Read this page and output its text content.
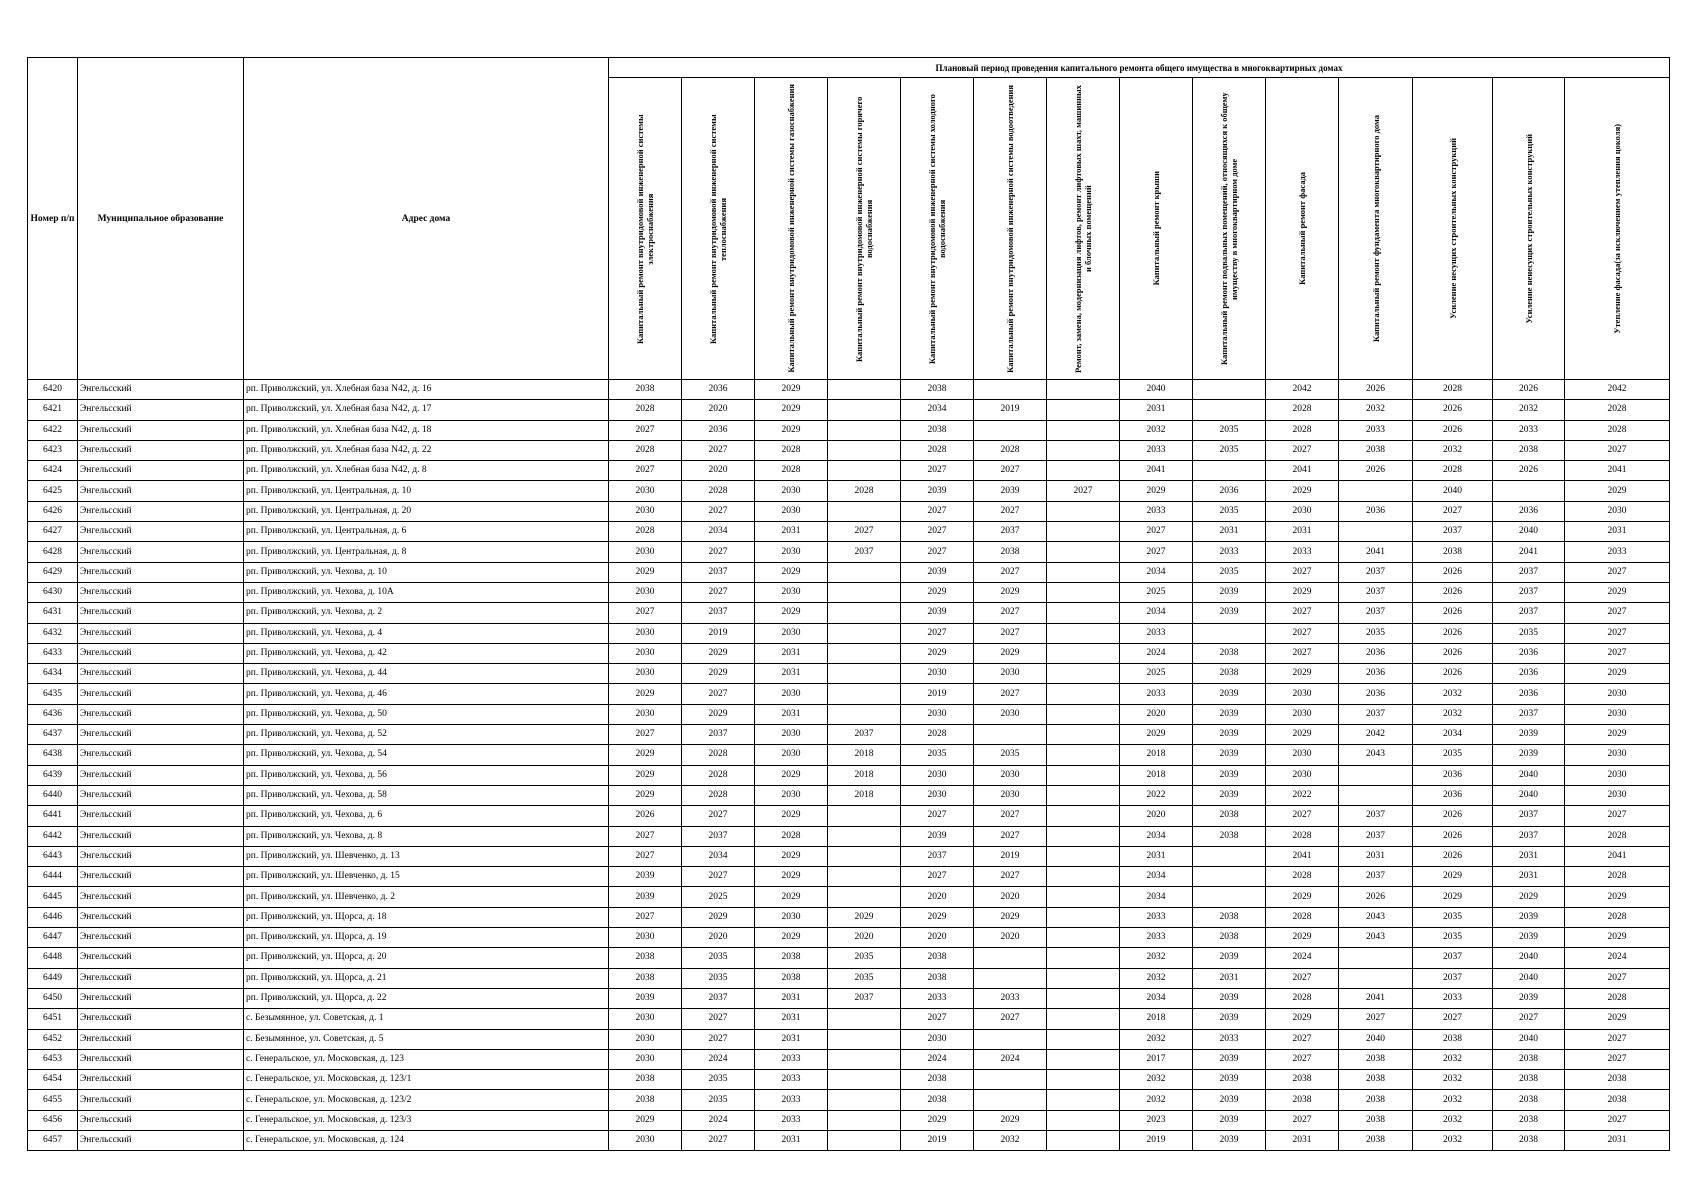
Номер п/п	Муниципальное образование	Адрес дома	Плановый период проведения капитального ремонта общего имущества в многоквартирных домах													

			Капитальный ремонт внутридомовой инженерной системы электроснабжения	Капитальный ремонт внутридомовой инженерной системы теплоснабжения	Капитальный ремонт внутридомовой инженерной системы газоснабжения	Капитальный ремонт внутридомовой инженерной системы горячего водоснабжения	Капитальный ремонт внутридомовой инженерной системы холодного водоснабжения	Капитальный ремонт внутридомовой инженерной системы водоотведения	Ремонт, замена, модернизация лифтов, ремонт лифтовых шахт, машинных и блочных помещений	Капитальный ремонт крыши	Капитальный ремонт подвальных помещений, относящихся к общему имуществу в многоквартирном доме	Капитальный ремонт фасада	Капитальный ремонт фундамента многоквартирного дома	Усиление несущих строительных конструкций	Усиление ненесущих строительных конструкций	Утепление фасада(за исключением утепления цоколя)

6420	Энгельсский	рп. Приволжский, ул. Хлебная база N42, д. 16	2038	2036	2029		2038			2040		2042	2026	2028	2026	2042
6421	Энгельсский	рп. Приволжский, ул. Хлебная база N42, д. 17	2028	2020	2029		2034	2019		2031		2028	2032	2026	2032	2028
6422	Энгельсский	рп. Приволжский, ул. Хлебная база N42, д. 18	2027	2036	2029		2038			2032	2035	2028	2033	2026	2033	2028
6423	Энгельсский	рп. Приволжский, ул. Хлебная база N42, д. 22	2028	2027	2028		2028	2028		2033	2035	2027	2038	2032	2038	2027
6424	Энгельсский	рп. Приволжский, ул. Хлебная база N42, д. 8	2027	2020	2028		2027	2027		2041		2041	2026	2028	2026	2041
6425	Энгельсский	рп. Приволжский, ул. Центральная, д. 10	2030	2028	2030	2028	2039	2039	2027	2029	2036	2029		2040		2029
6426	Энгельсский	рп. Приволжский, ул. Центральная, д. 20	2030	2027	2030		2027	2027		2033	2035	2030	2036	2027	2036	2030
6427	Энгельсский	рп. Приволжский, ул. Центральная, д. 6	2028	2034	2031	2027	2027	2037		2027	2031	2031		2037	2040	2031
6428	Энгельсский	рп. Приволжский, ул. Центральная, д. 8	2030	2027	2030	2037	2027	2038		2027	2033	2033	2041	2038	2041	2033
6429	Энгельсский	рп. Приволжский, ул. Чехова, д. 10	2029	2037	2029		2039	2027		2034	2035	2027	2037	2026	2037	2027
6430	Энгельсский	рп. Приволжский, ул. Чехова, д. 10А	2030	2027	2030		2029	2029		2025	2039	2029	2037	2026	2037	2029
6431	Энгельсский	рп. Приволжский, ул. Чехова, д. 2	2027	2037	2029		2039	2027		2034	2039	2027	2037	2026	2037	2027
6432	Энгельсский	рп. Приволжский, ул. Чехова, д. 4	2030	2019	2030		2027	2027		2033		2027	2035	2026	2035	2027
6433	Энгельсский	рп. Приволжский, ул. Чехова, д. 42	2030	2029	2031		2029	2029		2024	2038	2027	2036	2026	2036	2027
6434	Энгельсский	рп. Приволжский, ул. Чехова, д. 44	2030	2029	2031		2030	2030		2025	2038	2029	2036	2026	2036	2029
6435	Энгельсский	рп. Приволжский, ул. Чехова, д. 46	2029	2027	2030		2019	2027		2033	2039	2030	2036	2032	2036	2030
6436	Энгельсский	рп. Приволжский, ул. Чехова, д. 50	2030	2029	2031		2030	2030		2020	2039	2030	2037	2032	2037	2030
6437	Энгельсский	рп. Приволжский, ул. Чехова, д. 52	2027	2037	2030	2037	2028			2029	2039	2029	2042	2034	2039	2029
6438	Энгельсский	рп. Приволжский, ул. Чехова, д. 54	2029	2028	2030	2018	2035	2035		2018	2039	2030	2043	2035	2039	2030
6439	Энгельсский	рп. Приволжский, ул. Чехова, д. 56	2029	2028	2029	2018	2030	2030		2018	2039	2030		2036	2040	2030
6440	Энгельсский	рп. Приволжский, ул. Чехова, д. 58	2029	2028	2030	2018	2030	2030		2022	2039	2022		2036	2040	2030
6441	Энгельсский	рп. Приволжский, ул. Чехова, д. 6	2026	2027	2029		2027	2027		2020	2038	2027	2037	2026	2037	2027
6442	Энгельсский	рп. Приволжский, ул. Чехова, д. 8	2027	2037	2028		2039	2027		2034	2038	2028	2037	2026	2037	2028
6443	Энгельсский	рп. Приволжский, ул. Шевченко, д. 13	2027	2034	2029		2037	2019		2031		2041	2031	2026	2031	2041
6444	Энгельсский	рп. Приволжский, ул. Шевченко, д. 15	2039	2027	2029		2027	2027		2034		2028	2037	2029	2031	2028
6445	Энгельсский	рп. Приволжский, ул. Шевченко, д. 2	2039	2025	2029		2020	2020		2034		2029	2026	2029	2029	2029
6446	Энгельсский	рп. Приволжский, ул. Щорса, д. 18	2027	2029	2030	2029	2029	2029		2033	2038	2028	2043	2035	2039	2028
6447	Энгельсский	рп. Приволжский, ул. Щорса, д. 19	2030	2020	2029	2020	2020	2020		2033	2038	2029	2043	2035	2039	2029
6448	Энгельсский	рп. Приволжский, ул. Щорса, д. 20	2038	2035	2038	2035	2038			2032	2039	2024		2037	2040	2024
6449	Энгельсский	рп. Приволжский, ул. Щорса, д. 21	2038	2035	2038	2035	2038			2032	2031	2027		2037	2040	2027
6450	Энгельсский	рп. Приволжский, ул. Щорса, д. 22	2039	2037	2031	2037	2033	2033		2034	2039	2028	2041	2033	2039	2028
6451	Энгельсский	с. Безымянное, ул. Советская, д. 1	2030	2027	2031		2027	2027		2018	2039	2029	2027	2027	2027	2029
6452	Энгельсский	с. Безымянное, ул. Советская, д. 5	2030	2027	2031		2030			2032	2033	2027	2040	2038	2040	2027
6453	Энгельсский	с. Генеральское, ул. Московская, д. 123	2030	2024	2033		2024	2024		2017	2039	2027	2038	2032	2038	2027
6454	Энгельсский	с. Генеральское, ул. Московская, д. 123/1	2038	2035	2033		2038			2032	2039	2038	2038	2032	2038	2038
6455	Энгельсский	с. Генеральское, ул. Московская, д. 123/2	2038	2035	2033		2038			2032	2039	2038	2038	2032	2038	2038
6456	Энгельсский	с. Генеральское, ул. Московская, д. 123/3	2029	2024	2033		2029	2029		2023	2039	2027	2038	2032	2038	2027
6457	Энгельсский	с. Генеральское, ул. Московская, д. 124	2030	2027	2031		2019	2032		2019	2039	2031	2038	2032	2038	2031
